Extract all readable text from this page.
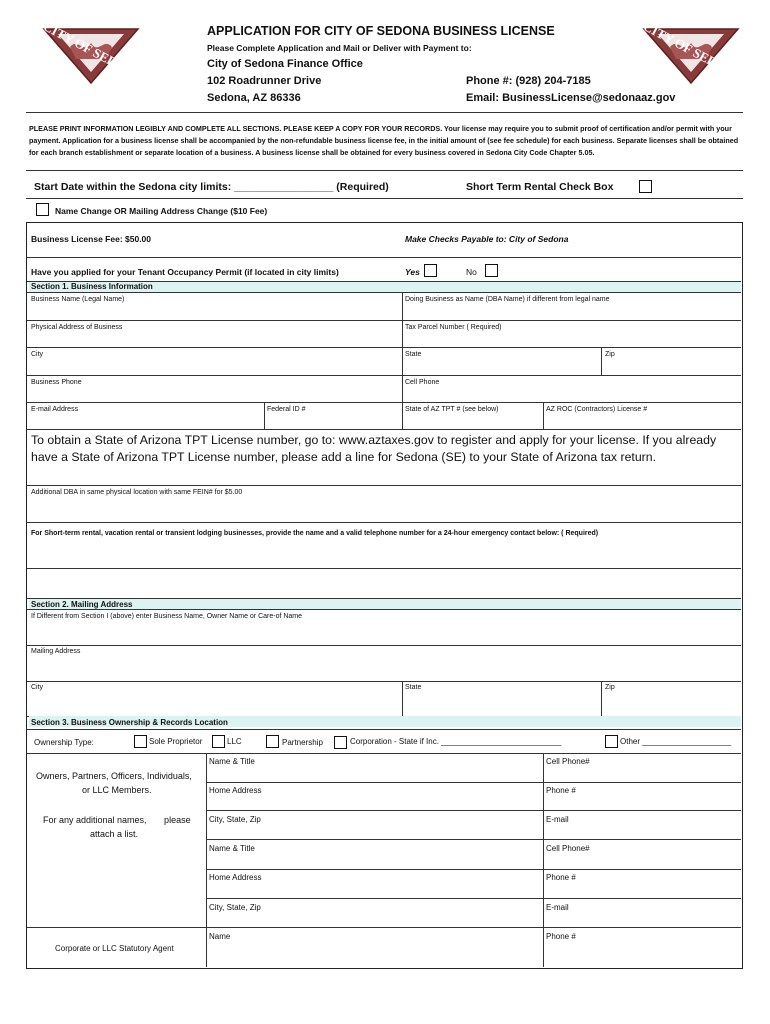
CITY OF SEDONA	CITY OF SEDONA
APPLICATION FOR CITY OF SEDONA BUSINESS LICENSE
Please Complete Application and Mail or Deliver with Payment to:
City of Sedona Finance Office
102 Roadrunner Drive
Sedona, AZ 86336
Phone #: (928) 204-7185
Email: BusinessLicense@sedonaaz.gov
PLEASE PRINT INFORMATION LEGIBLY AND COMPLETE ALL SECTIONS. PLEASE KEEP A COPY FOR YOUR RECORDS. Your license may require you to submit proof of certification and/or permit with your payment. Application for a business license shall be accompanied by the non-refundable business license fee, in the initial amount of (see fee schedule) for each business. Separate licenses shall be obtained for each branch establishment or separate location of a business. A business license shall be obtained for every business covered in Sedona City Code Chapter 5.05.
Start Date within the Sedona city limits: _________________ (Required)	Short Term Rental Check Box
Name Change OR Mailing Address Change ($10 Fee)
Business License Fee: $50.00	Make Checks Payable to: City of Sedona
Have you applied for your Tenant Occupancy Permit (if located in city limits)	Yes	No
Section 1. Business Information
Business Name (Legal Name)	Doing Business as Name (DBA Name) if different from legal name
Physical Address of Business	Tax Parcel Number ( Required)
City	State	Zip
Business Phone	Cell Phone
E-mail Address	Federal ID #	State of AZ TPT # (see below)	AZ ROC (Contractors) License #
To obtain a State of Arizona TPT License number, go to: www.aztaxes.gov to register and apply for your license. If you already have a State of Arizona TPT License number, please add a line for Sedona (SE) to your State of Arizona tax return.
Additional DBA in same physical location with same FEIN# for $5.00
For Short-term rental, vacation rental or transient lodging businesses, provide the name and a valid telephone number for a 24-hour emergency contact below: ( Required)
Section 2. Mailing Address
If Different from Section I (above) enter Business Name, Owner Name or Care-of Name
Mailing Address
City	State	Zip
Section 3. Business Ownership & Records Location
Ownership Type:	Sole Proprietor	LLC	Partnership	Corporation - State if Inc. ___________________________	Other ____________________
Owners, Partners, Officers, Individuals,
or LLC Members.
For any additional names,       please
attach a list.
Corporate or LLC Statutory Agent
Name & Title	Cell Phone#
Home Address	Phone #
City, State, Zip	E-mail
Name & Title	Cell Phone#
Home Address	Phone #
City, State, Zip	E-mail
Name	Phone #
